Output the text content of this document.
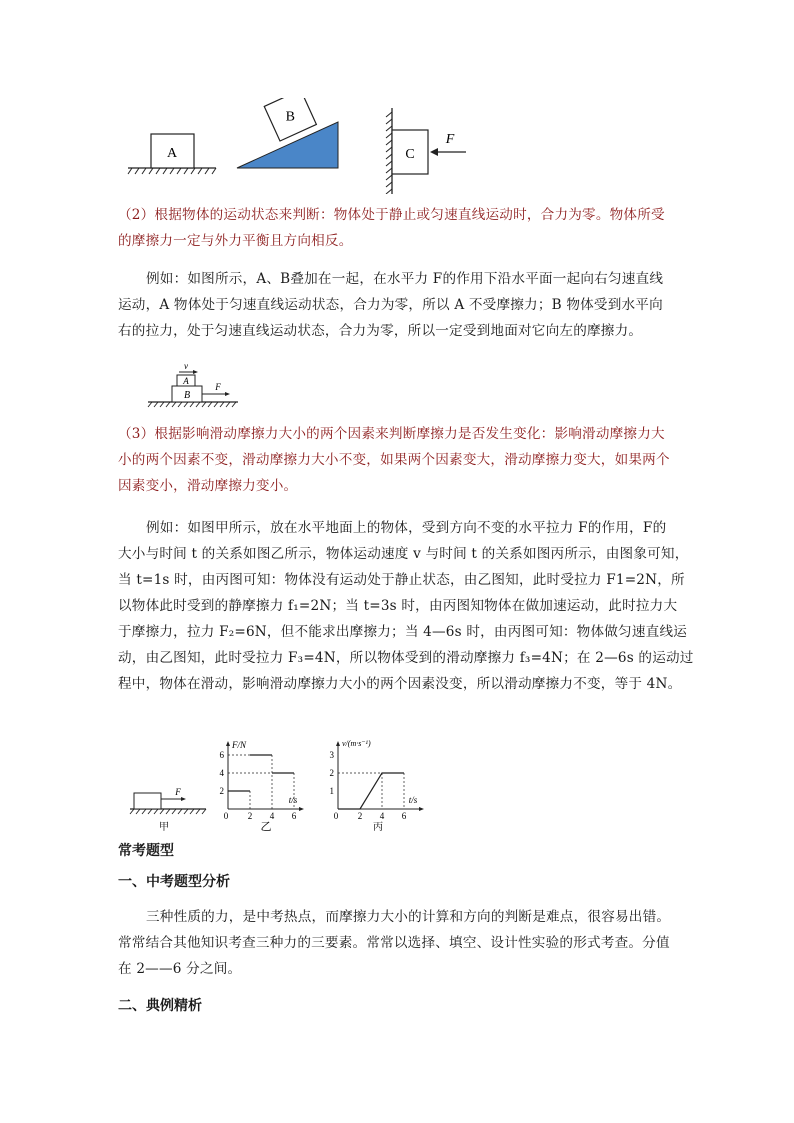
A
B
C
F
（2）根据物体的运动状态来判断：物体处于静止或匀速直线运动时，合力为零。物体所受
的摩擦力一定与外力平衡且方向相反。
例如：如图所示，A、B叠加在一起，在水平力 F的作用下沿水平面一起向右匀速直线
运动，A 物体处于匀速直线运动状态，合力为零，所以 A 不受摩擦力；B 物体受到水平向
右的拉力，处于匀速直线运动状态，合力为零，所以一定受到地面对它向左的摩擦力。
B
A
v
F
（3）根据影响滑动摩擦力大小的两个因素来判断摩擦力是否发生变化：影响滑动摩擦力大
小的两个因素不变，滑动摩擦力大小不变，如果两个因素变大，滑动摩擦力变大，如果两个
因素变小，滑动摩擦力变小。
例如：如图甲所示，放在水平地面上的物体，受到方向不变的水平拉力 F的作用，F的
大小与时间 t 的关系如图乙所示，物体运动速度 v 与时间 t 的关系如图丙所示，由图象可知，
当 t=1s 时，由丙图可知：物体没有运动处于静止状态，由乙图知，此时受拉力 F1=2N，所
以物体此时受到的静摩擦力 f₁=2N；当 t=3s 时，由丙图知物体在做加速运动，此时拉力大
于摩擦力，拉力 F₂=6N，但不能求出摩擦力；当 4—6s 时，由丙图可知：物体做匀速直线运
动，由乙图知，此时受拉力 F₃=4N，所以物体受到的滑动摩擦力 f₃=4N；在 2—6s 的运动过
程中，物体在滑动，影响滑动摩擦力大小的两个因素没变，所以滑动摩擦力不变，等于 4N。
F
甲
F/N
t/s
0 2 4 6
2
4
6
乙
v/(m·s⁻¹)
t/s
0 2 4 6
1
2
3
丙
常考题型
一、中考题型分析
三种性质的力，是中考热点，而摩擦力大小的计算和方向的判断是难点，很容易出错。
常常结合其他知识考查三种力的三要素。常常以选择、填空、设计性实验的形式考查。分值
在 2——6 分之间。
二、典例精析
